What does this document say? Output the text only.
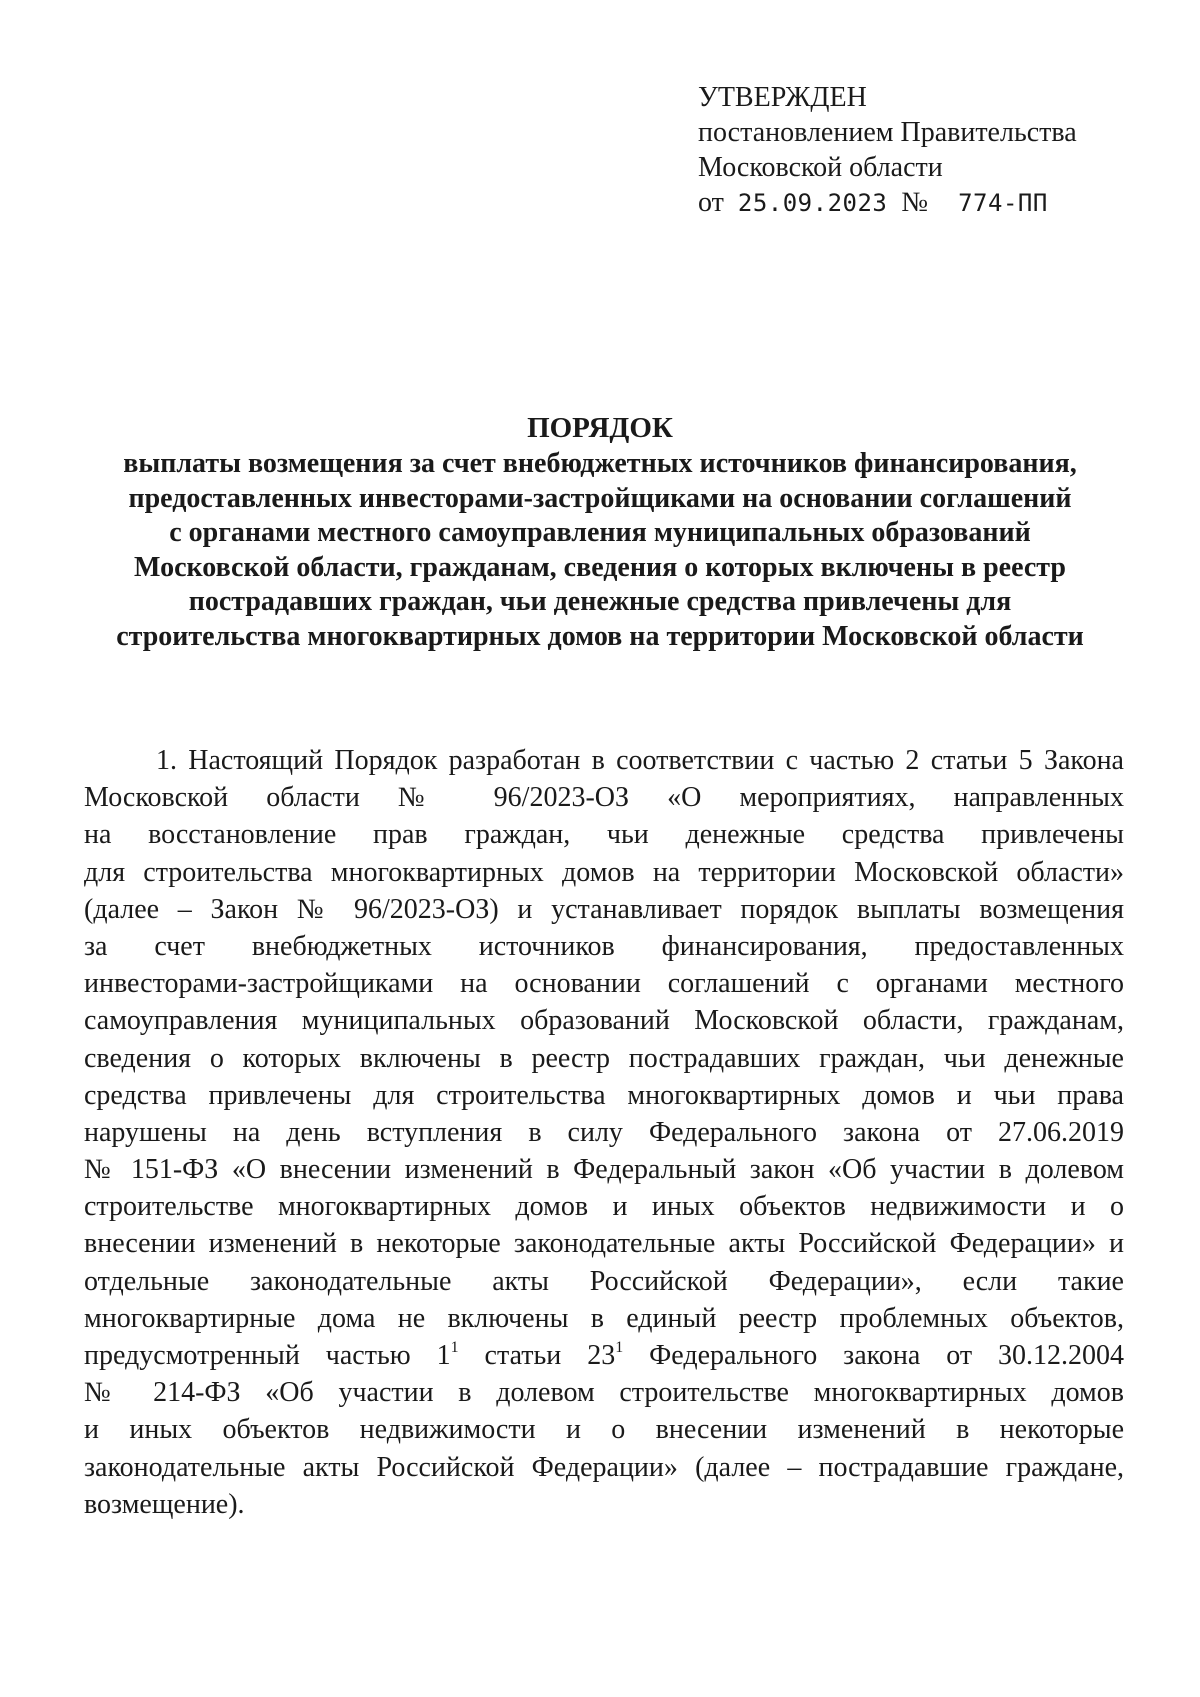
УТВЕРЖДЕН
постановлением Правительства
Московской области
от 25.09.2023 № 774-ПП
ПОРЯДОК
выплаты возмещения за счет внебюджетных источников финансирования,
предоставленных инвесторами-застройщиками на основании соглашений
с органами местного самоуправления муниципальных образований
Московской области, гражданам, сведения о которых включены в реестр
пострадавших граждан, чьи денежные средства привлечены для
строительства многоквартирных домов на территории Московской области
1. Настоящий Порядок разработан в соответствии с частью 2 статьи 5 Закона
Московской области № 96/2023-ОЗ «О мероприятиях, направленных
на восстановление прав граждан, чьи денежные средства привлечены
для строительства многоквартирных домов на территории Московской области»
(далее – Закон № 96/2023-ОЗ) и устанавливает порядок выплаты возмещения
за счет внебюджетных источников финансирования, предоставленных
инвесторами-застройщиками на основании соглашений с органами местного
самоуправления муниципальных образований Московской области, гражданам,
сведения о которых включены в реестр пострадавших граждан, чьи денежные
средства привлечены для строительства многоквартирных домов и чьи права
нарушены на день вступления в силу Федерального закона от 27.06.2019
№ 151-ФЗ «О внесении изменений в Федеральный закон «Об участии в долевом
строительстве многоквартирных домов и иных объектов недвижимости и о
внесении изменений в некоторые законодательные акты Российской Федерации» и
отдельные законодательные акты Российской Федерации», если такие
многоквартирные дома не включены в единый реестр проблемных объектов,
предусмотренный частью $1^1$ статьи $23^1$ Федерального закона от 30.12.2004
№ 214-ФЗ «Об участии в долевом строительстве многоквартирных домов
и иных объектов недвижимости и о внесении изменений в некоторые
законодательные акты Российской Федерации» (далее – пострадавшие граждане,
возмещение).
